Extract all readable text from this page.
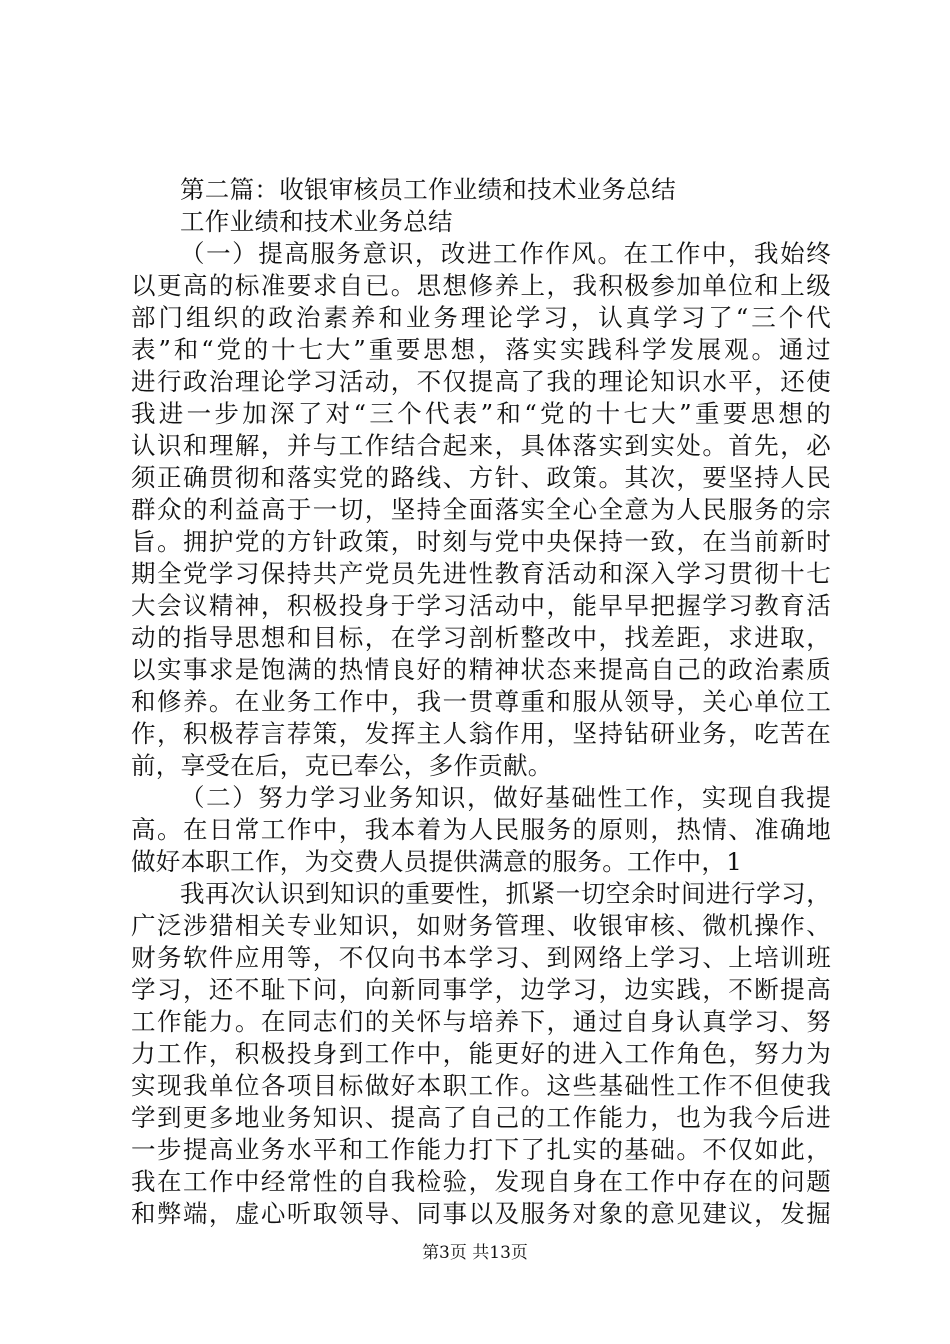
第二篇：收银审核员工作业绩和技术业务总结
工作业绩和技术业务总结
（一）提高服务意识，改进工作作风。在工作中，我始终
以更高的标准要求自已。思想修养上，我积极参加单位和上级
部门组织的政治素养和业务理论学习，认真学习了“三个代
表”和“党的十七大”重要思想，落实实践科学发展观。通过
进行政治理论学习活动，不仅提高了我的理论知识水平，还使
我进一步加深了对“三个代表”和“党的十七大”重要思想的
认识和理解，并与工作结合起来，具体落实到实处。首先，必
须正确贯彻和落实党的路线、方针、政策。其次，要坚持人民
群众的利益高于一切，坚持全面落实全心全意为人民服务的宗
旨。拥护党的方针政策，时刻与党中央保持一致，在当前新时
期全党学习保持共产党员先进性教育活动和深入学习贯彻十七
大会议精神，积极投身于学习活动中，能早早把握学习教育活
动的指导思想和目标，在学习剖析整改中，找差距，求进取，
以实事求是饱满的热情良好的精神状态来提高自己的政治素质
和修养。在业务工作中，我一贯尊重和服从领导，关心单位工
作，积极荐言荐策，发挥主人翁作用，坚持钻研业务，吃苦在
前，享受在后，克已奉公，多作贡献。
（二）努力学习业务知识，做好基础性工作，实现自我提
高。在日常工作中，我本着为人民服务的原则，热情、准确地
做好本职工作，为交费人员提供满意的服务。工作中，1
我再次认识到知识的重要性，抓紧一切空余时间进行学习，
广泛涉猎相关专业知识，如财务管理、收银审核、微机操作、
财务软件应用等，不仅向书本学习、到网络上学习、上培训班
学习，还不耻下问，向新同事学，边学习，边实践，不断提高
工作能力。在同志们的关怀与培养下，通过自身认真学习、努
力工作，积极投身到工作中，能更好的进入工作角色，努力为
实现我单位各项目标做好本职工作。这些基础性工作不但使我
学到更多地业务知识、提高了自己的工作能力，也为我今后进
一步提高业务水平和工作能力打下了扎实的基础。不仅如此，
我在工作中经常性的自我检验，发现自身在工作中存在的问题
和弊端，虚心听取领导、同事以及服务对象的意见建议，发掘
第3页 共13页
